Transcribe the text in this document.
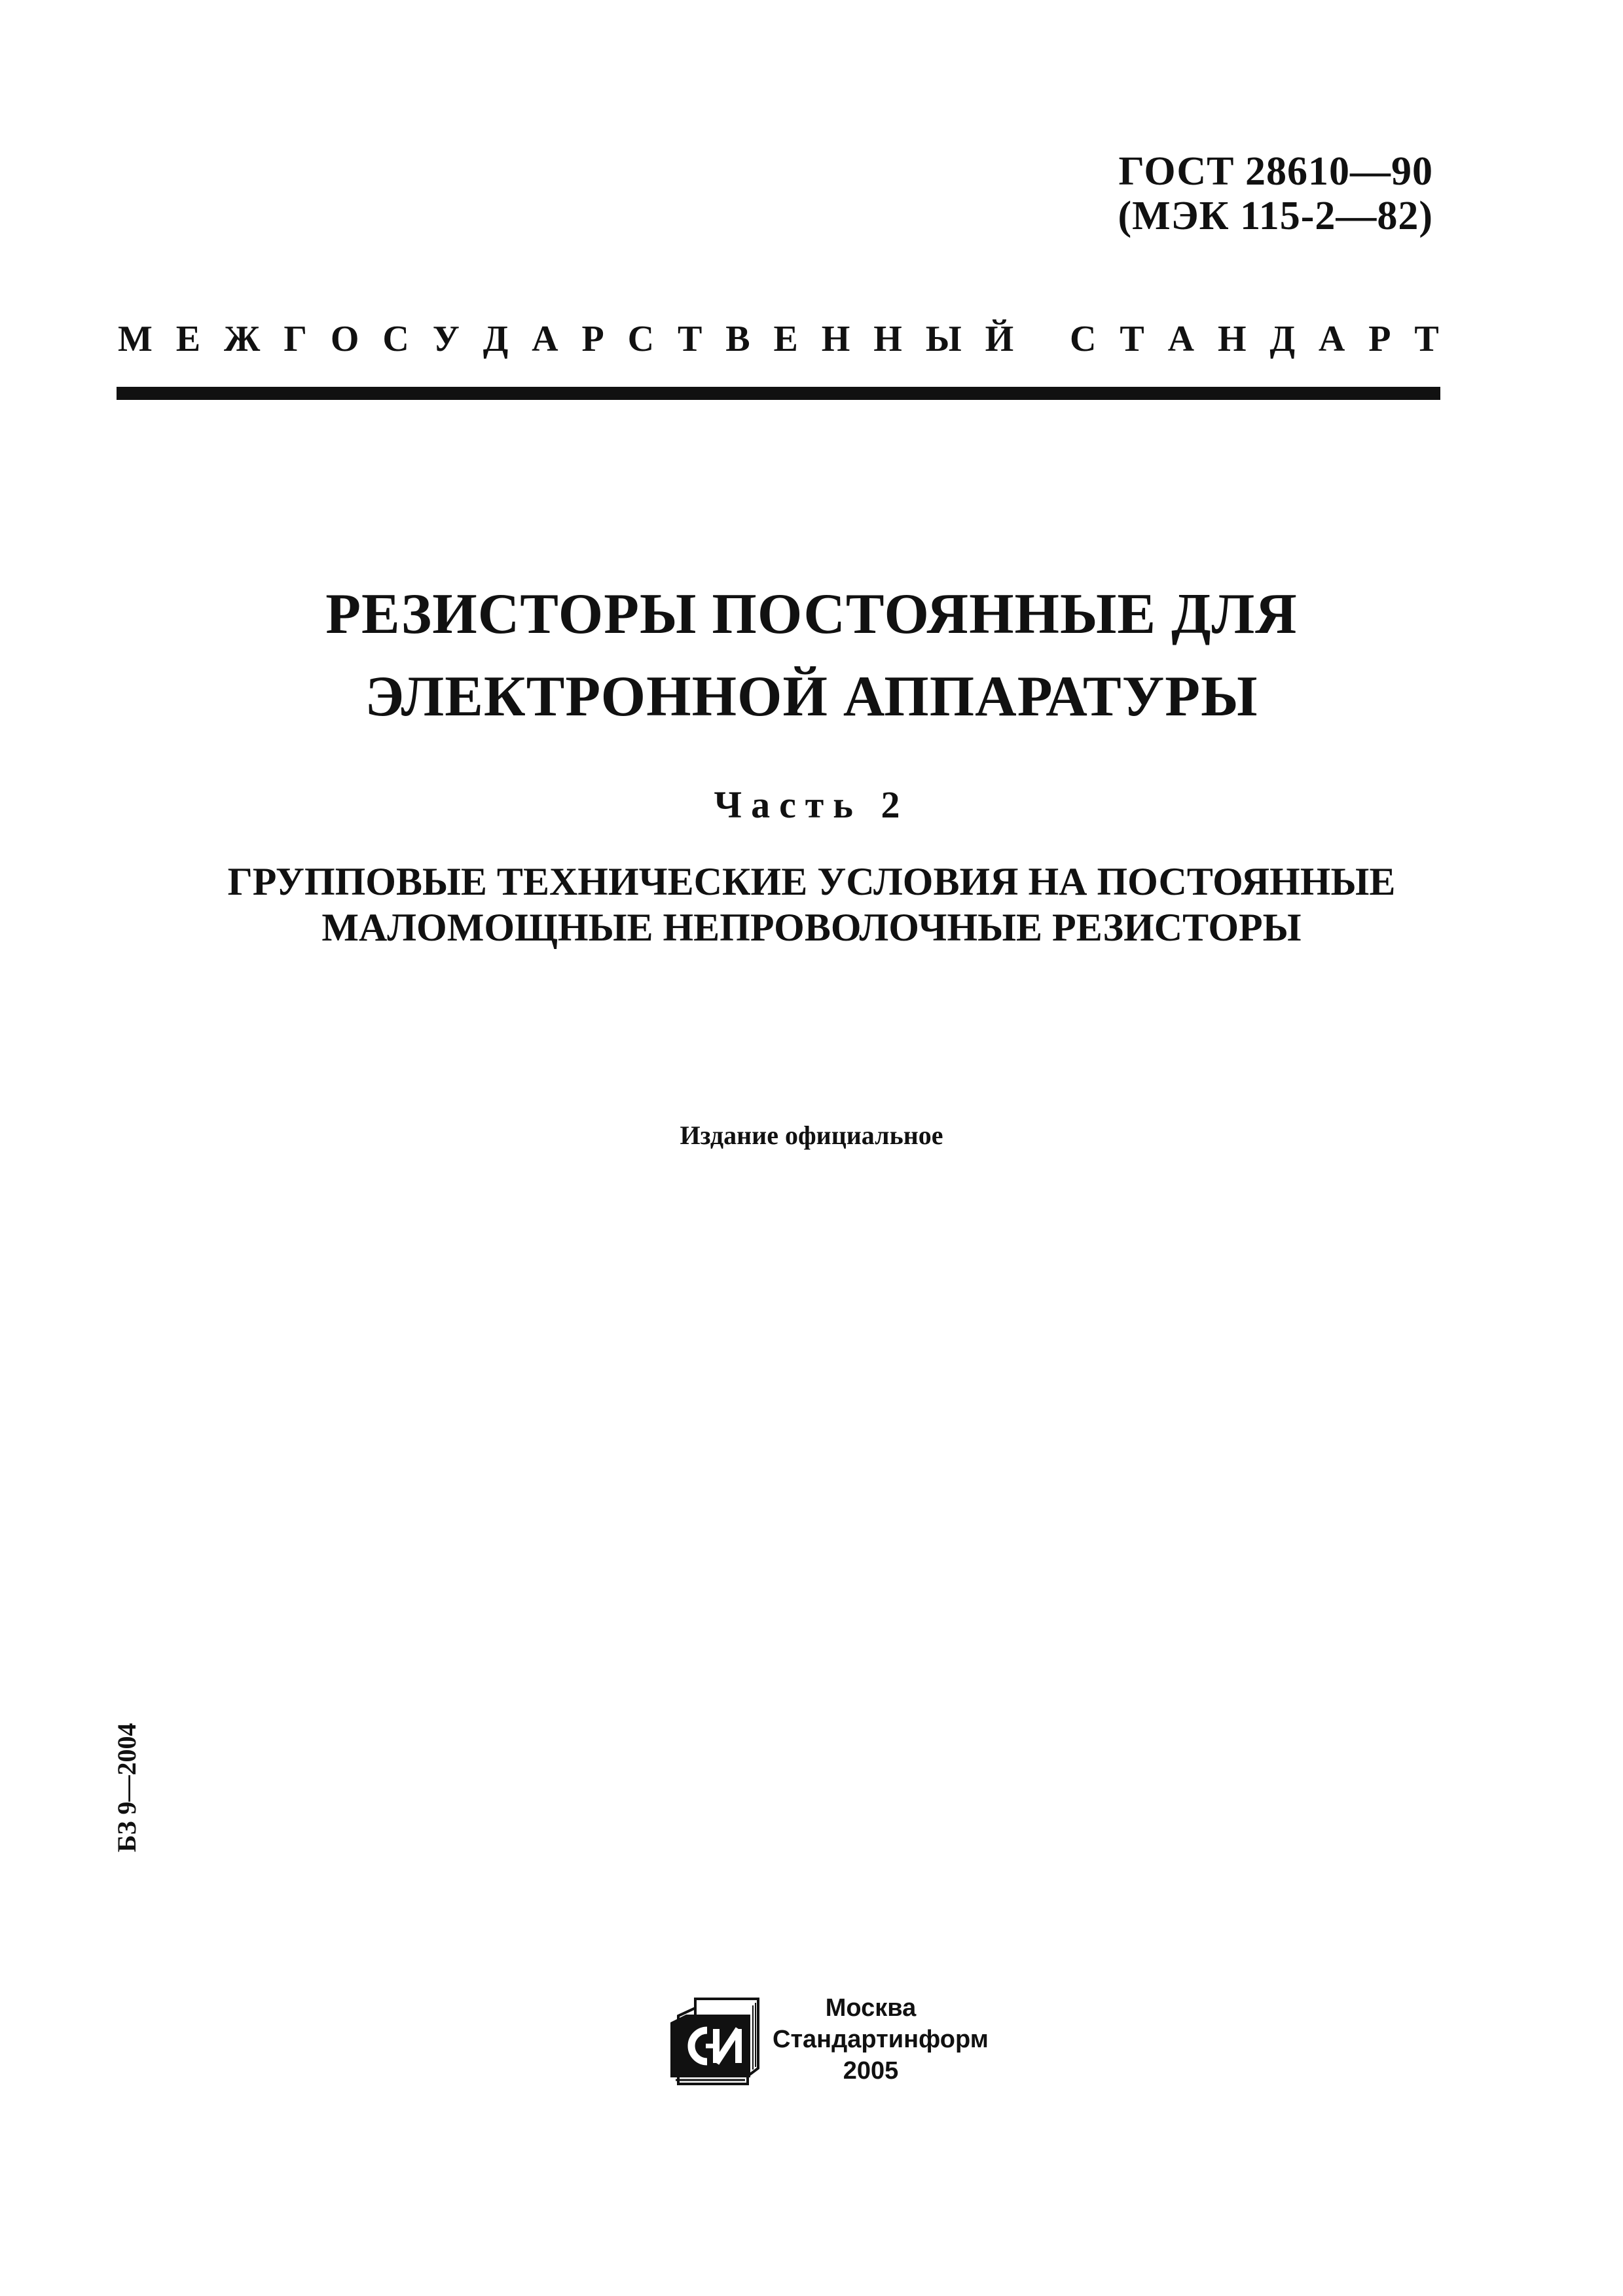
ГОСТ 28610—90
(МЭК 115-2—82)
М Е Ж Г О С У Д А Р С Т В Е Н Н Ы Й
С Т А Н Д А Р Т
РЕЗИСТОРЫ ПОСТОЯННЫЕ ДЛЯ
ЭЛЕКТРОННОЙ АППАРАТУРЫ
Часть 2
ГРУППОВЫЕ ТЕХНИЧЕСКИЕ УСЛОВИЯ НА ПОСТОЯННЫЕ
МАЛОМОЩНЫЕ НЕПРОВОЛОЧНЫЕ РЕЗИСТОРЫ
Издание официальное
БЗ 9—2004
Москва
Стандартинформ
2005
